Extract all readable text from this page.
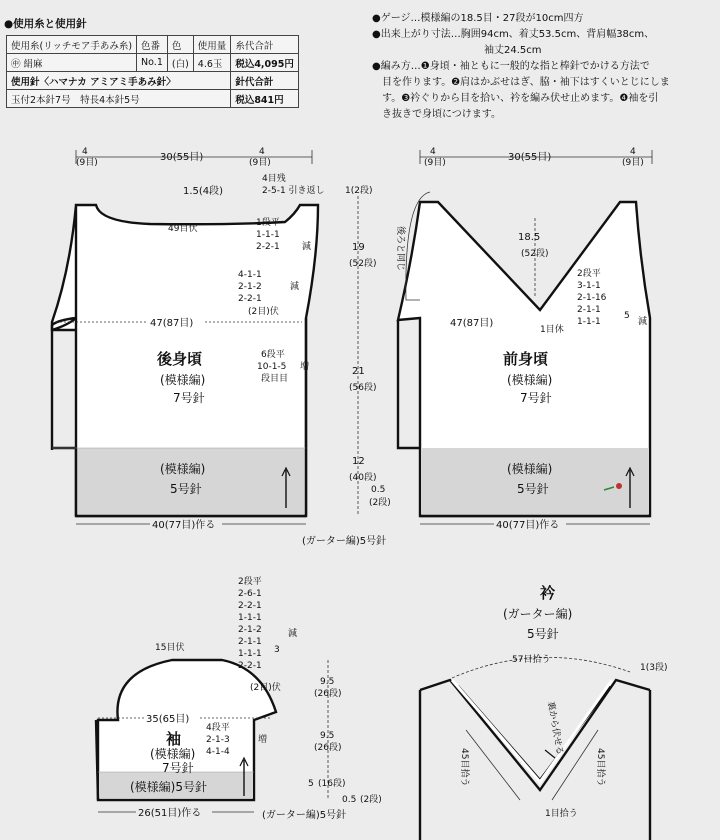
●使用糸と使用針
使用糸(リッチモア手あみ糸)	色番	色	使用量	糸代合計
㊥ 絹麻	No.1	(白)	4.6玉	税込4,095円
使用針〈ハマナカ アミアミ手あみ針〉				針代合計
玉付2本針7号　特長4本針5号				税込841円
●ゲージ…模様編の18.5目・27段が10cm四方
●出来上がり寸法…胸囲94cm、着丈53.5cm、背肩幅38cm、
袖丈24.5cm
●編み方…❶身頃・袖ともに一般的な指と棒針でかける方法で
目を作ります。❷肩はかぶせはぎ、脇・袖下はすくいとじにしま
す。❸衿ぐりから目を拾い、衿を編み伏せ止めます。❹袖を引
き抜きで身頃につけます。
4
(9目)	30(55目)	4
(9目)
1.5(4段)
4目残
2-5-1 引き返し
49目伏
1段平
1-1-1
2-2-1 減
4-1-1
2-1-2
2-2-1
減
(2目)伏
47(87目)
後身頃
(模様編)
7号針
6段平
10-1-5
段目目
増
(模様編)
5号針
40(77目)作る
1(2段)
19
(52段)
21
(56段)
12
(40段)
0.5
(2段)
4
(9目)	30(55目)	4
(9目)
後ろと同じ	18.5
(52段)
2段平
3-1-1
2-1-16
2-1-1
1-1-1
5
減
1目休
47(87目)
前身頃
(模様編)
7号針
(模様編)
5号針
40(77目)作る
(ガーター編)5号針
15目伏
2段平
2-6-1
2-2-1
1-1-1
2-1-2
2-1-1
1-1-1
2-2-1
3
減
(2目)伏
35(65目)
袖
(模様編)
7号針
(模様編)5号針
4段平
2-1-3
4-1-4
増
26(51目)作る	(ガーター編)5号針
9.5
(26段)
9.5
(26段)
5 (16段)
0.5 (2段)
衿
(ガーター編)
5号針
57目拾う
1(3段)
裏から伏せる
45目拾う	45目拾う
1目拾う
